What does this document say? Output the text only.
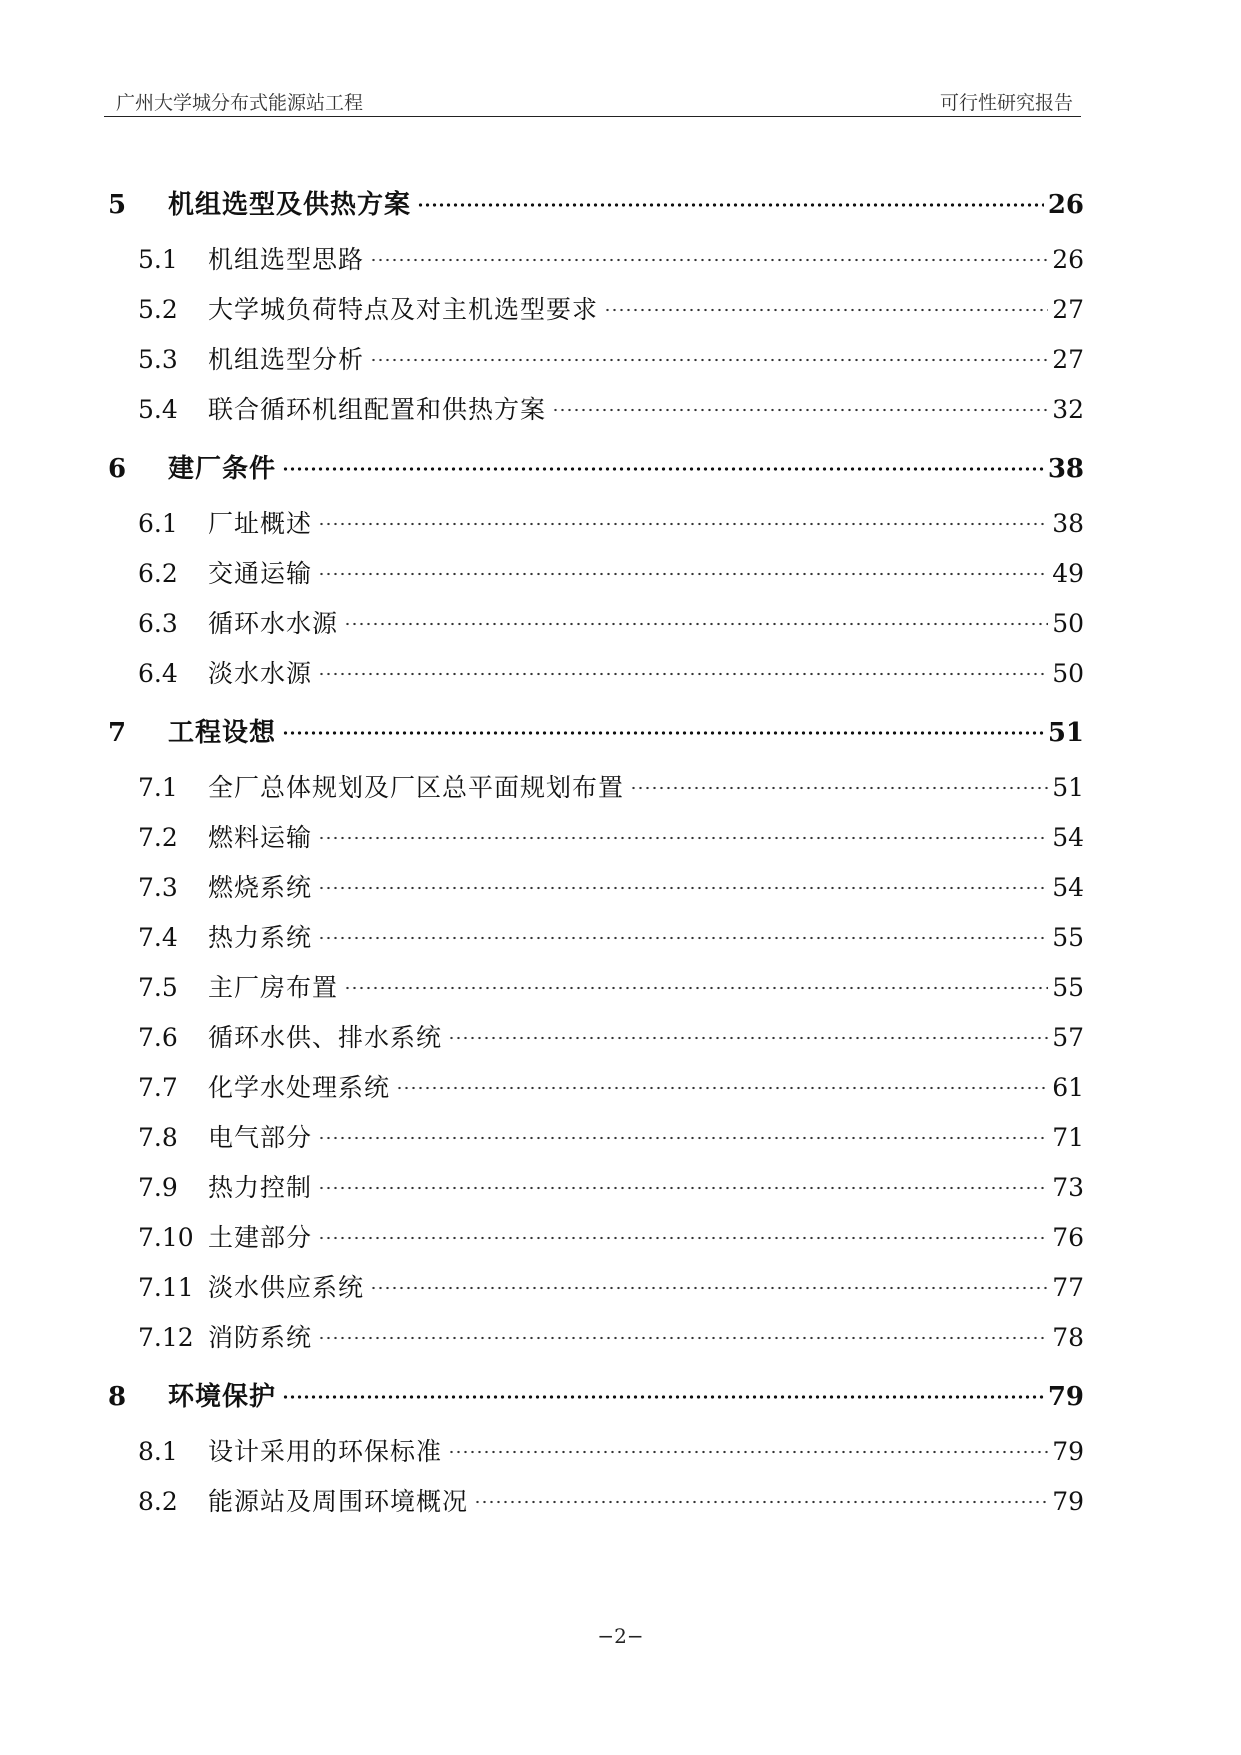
广州大学城分布式能源站工程	可行性研究报告
5	机组选型及供热方案	26
5.1	机组选型思路	26
5.2	大学城负荷特点及对主机选型要求	27
5.3	机组选型分析	27
5.4	联合循环机组配置和供热方案	32
6	建厂条件	38
6.1	厂址概述	38
6.2	交通运输	49
6.3	循环水水源	50
6.4	淡水水源	50
7	工程设想	51
7.1	全厂总体规划及厂区总平面规划布置	51
7.2	燃料运输	54
7.3	燃烧系统	54
7.4	热力系统	55
7.5	主厂房布置	55
7.6	循环水供、排水系统	57
7.7	化学水处理系统	61
7.8	电气部分	71
7.9	热力控制	73
7.10 土建部分	76
7.11 淡水供应系统	77
7.12 消防系统	78
8	环境保护	79
8.1	设计采用的环保标准	79
8.2	能源站及周围环境概况	79
−2−
